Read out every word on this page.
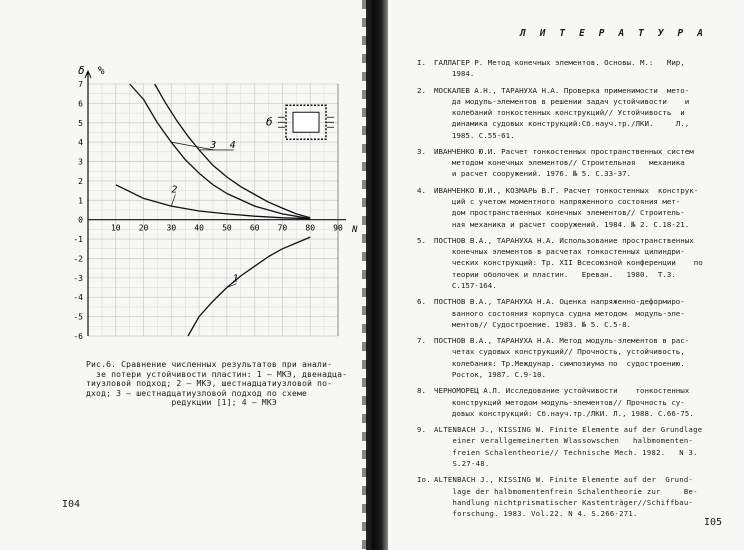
7
6
5
4
3
2
1
0
-1
-2
-3
-4
-5
-6
10 20 30 40 50 60 70 80 90
1
2
3 4
б
δ, %
N
Рис.6. Сравнение численных результатов при анали-
зе потери устойчивости пластин: 1 – МКЭ, двенадца-
тиузловой подход; 2 – МКЭ, шестнадцатиузловой по-
дход; 3 – шестнадцатиузловой подход по схеме
редукции [1]; 4 – МКЭ
I04
Л И Т Е Р А Т У Р А
I. ГАЛЛАГЕР Р. Метод конечных элементов. Основы. М.:   Мир,
1984.
2. МОСКАЛЕВ А.Н., ТАРАНУХА Н.А. Проверка применимости  мето-
да модуль-элементов в решении задач устойчивости    и
колебаний тонкостенных конструкций// Устойчивость  и
динамика судовых конструкций:Сб.науч.тр./ЛКИ.     Л.,
1985. С.55-61.
3. ИВАНЧЕНКО Ю.И. Расчет тонкостенных пространственных систем
методом конечных элементов// Строительная   механика
и расчет сооружений. 1976. № 5. С.33-37.
4. ИВАНЧЕНКО Ю.И., КОЗМАРЬ В.Г. Расчет тонкостенных  конструк-
ций с учетом моментного напряженного состояния мет-
дом пространственных конечных элементов// Строитель-
ная механика и расчет сооружений. 1984. № 2. С.18-21.
5. ПОСТНОВ В.А., ТАРАНУХА Н.А. Использование пространственных
конечных элементов в расчетах тонкостенных цилиндри-
ческих конструкций: Тр. XII Всесоюзной конференции    по
теории оболочек и пластин.   Ереван.   1980.  Т.3.
С.157-164.
6. ПОСТНОВ В.А., ТАРАНУХА Н.А. Оценка напряженно-деформиро-
ванного состояния корпуса судна методом  модуль-эле-
ментов// Судостроение. 1983. № 5. С.5-8.
7. ПОСТНОВ В.А., ТАРАНУХА Н.А. Метод модуль-элементов в рас-
четах судовых конструкций// Прочность, устойчивость,
колебания: Тр.Междунар. симпозиума по  судостроению.
Росток, 1987. С.9-10.
8. ЧЕРНОМОРЕЦ А.Л. Исследование устойчивости    тонкостенных
конструкций методом модуль-элементов// Прочность су-
довых конструкций: Сб.науч.тр./ЛКИ. Л., 1988. С.66-75.
9. ALTENBACH J., KISSING W. Finite Elemente auf der Grundlage
einer verallgemeinerten Wlassowschen   halbmomenten-
freien Schalentheorie// Technische Mech. 1982.   N 3.
S.27-48.
Io. ALTENBACH J., KISSING W. Finite Elemente auf der  Grund-
lage der halbmomentenfrein Schalentheorie zur     Be-
handlung nichtprismatischer Kastenträger//Schiffbau-
forschung. 1983. Vol.22. N 4. S.266-271.
I05
